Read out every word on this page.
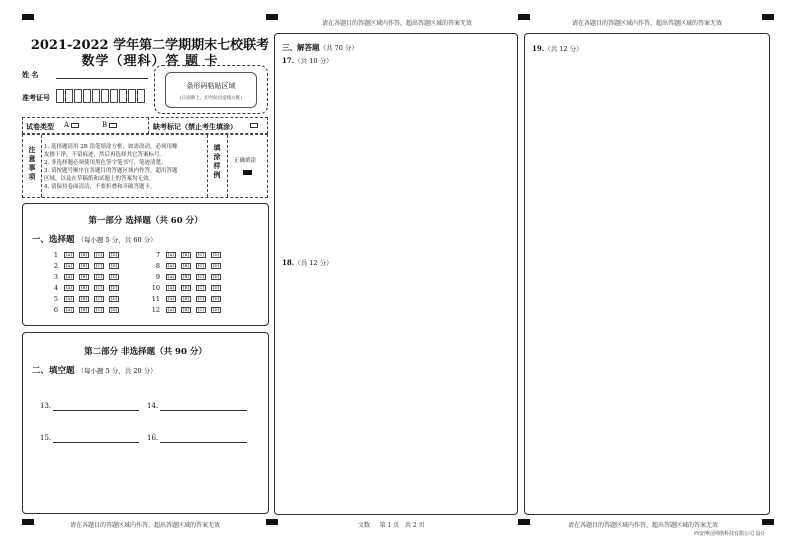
请在各题目的答题区域内作答，超出答题区域的答案无效	请在各题目的答题区域内作答，超出答题区域的答案无效
请在各题目的答题区域内作答，超出答题区域的答案无效	请在各题目的答题区域内作答，超出答题区域的答案无效
文数 第 1 页 共 2 页
西安博冠网络科技有限公司 设计
2021-2022 学年第二学期期末七校联考
数学（理科）答 题 卡
姓 名
准考证号
条形码粘贴区域
(正面朝上，切勿贴出虚线方框)
试卷类型 A	B	缺考标记（禁止考生填涂）
注意事项 1. 选择题请用 2B 铅笔填涂方框，如需改动，必须用橡
皮擦干净，不留痕迹，然后再选择其它答案标号。
2. 非选择题必须使用黑色签字笔书写，笔迹清楚。
3. 请按题号顺序在各题目的答题区域内作答，超出答题
区域，以及在草稿纸和试题上的答案均无效。
4. 请保持卷面清洁，不要折叠和弄破答题卡。
填涂样例 正确填涂
第一部分 选择题（共 60 分）
一、选择题 （每小题 5 分，共 60 分）
1	[A]	[B]	[C]	[D]
2	[A]	[B]	[C]	[D]
3	[A]	[B]	[C]	[D]
4	[A]	[B]	[C]	[D]
5	[A]	[B]	[C]	[D]
6	[A]	[B]	[C]	[D]
7	[A]	[B]	[C]	[D]
8	[A]	[B]	[C]	[D]
9	[A]	[B]	[C]	[D]
10	[A]	[B]	[C]	[D]
11	[A]	[B]	[C]	[D]
12	[A]	[B]	[C]	[D]
第二部分 非选择题（共 90 分）
二、填空题 （每小题 5 分，共 20 分）
13.	14.
15.	16.
三、解答题（共 70 分）
17.（共 10 分）
18.（共 12 分）
19.（共 12 分）
